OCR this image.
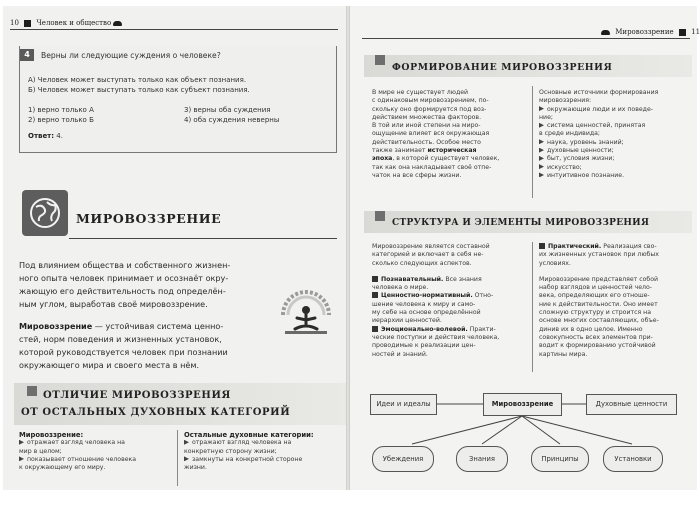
10 Человек и общество
4	Верны ли следующие суждения о человеке?
А) Человек может выступать только как объект познания.
Б) Человек может выступать только как субъект познания.
1) верно только А
2) верно только Б
3) верны оба суждения
4) оба суждения неверны
Ответ: 4.
МИРОВОЗЗРЕНИЕ
Под влиянием общества и собственного жизнен-
ного опыта человек принимает и осознаёт окру-
жающую его действительность под определён-
ным углом, выработав своё мировоззрение.
Мировоззрение — устойчивая система ценно-
стей, норм поведения и жизненных установок,
которой руководствуется человек при познании
окружающего мира и своего места в нём.
ОТЛИЧИЕ МИРОВОЗЗРЕНИЯ
ОТ ОСТАЛЬНЫХ ДУХОВНЫХ КАТЕГОРИЙ
Мировоззрение:
отражает взгляд человека на
мир в целом;
показывает отношение человека
к окружающему его миру.
Остальные духовные категории:
отражают взгляд человека на
конкретную сторону жизни;
замкнуты на конкретной стороне
жизни.
Мировоззрение 11
ФОРМИРОВАНИЕ МИРОВОЗЗРЕНИЯ
В мире не существует людей
с одинаковым мировоззрением, по-
скольку оно формируется под воз-
действием множества факторов.
В той или иной степени на миро-
ощущение влияет вся окружающая
действительность. Особое место
также занимает историческая
эпоха, в которой существует человек,
так как она накладывает своё отпе-
чаток на все сферы жизни.
Основные источники формирования
мировоззрения:
окружающие люди и их поведе-
ние;
система ценностей, принятая
в среде индивида;
наука, уровень знаний;
духовные ценности;
быт, условия жизни;
искусство;
интуитивное познание.
СТРУКТУРА И ЭЛЕМЕНТЫ МИРОВОЗЗРЕНИЯ
Мировоззрение является составной
категорией и включает в себя не-
сколько следующих аспектов.
Познавательный. Все знания
человека о мире.
Ценностно-нормативный. Отно-
шение человека к миру и само-
му себе на основе определённой
иерархии ценностей.
Эмоционально-волевой. Практи-
ческие поступки и действия человека,
проводимые к реализации цен-
ностей и знаний.
Практический. Реализация сво-
их жизненных установок при любых
условиях.
Мировоззрение представляет собой
набор взглядов и ценностей чело-
века, определяющих его отноше-
ние к действительности. Оно имеет
сложную структуру и строится на
основе многих составляющих, объе-
динив их в одно целое. Именно
совокупность всех элементов при-
водит к формированию устойчивой
картины мира.
Идеи и идеалы	Мировоззрение	Духовные ценности
Убеждения	Знания	Принципы	Установки
